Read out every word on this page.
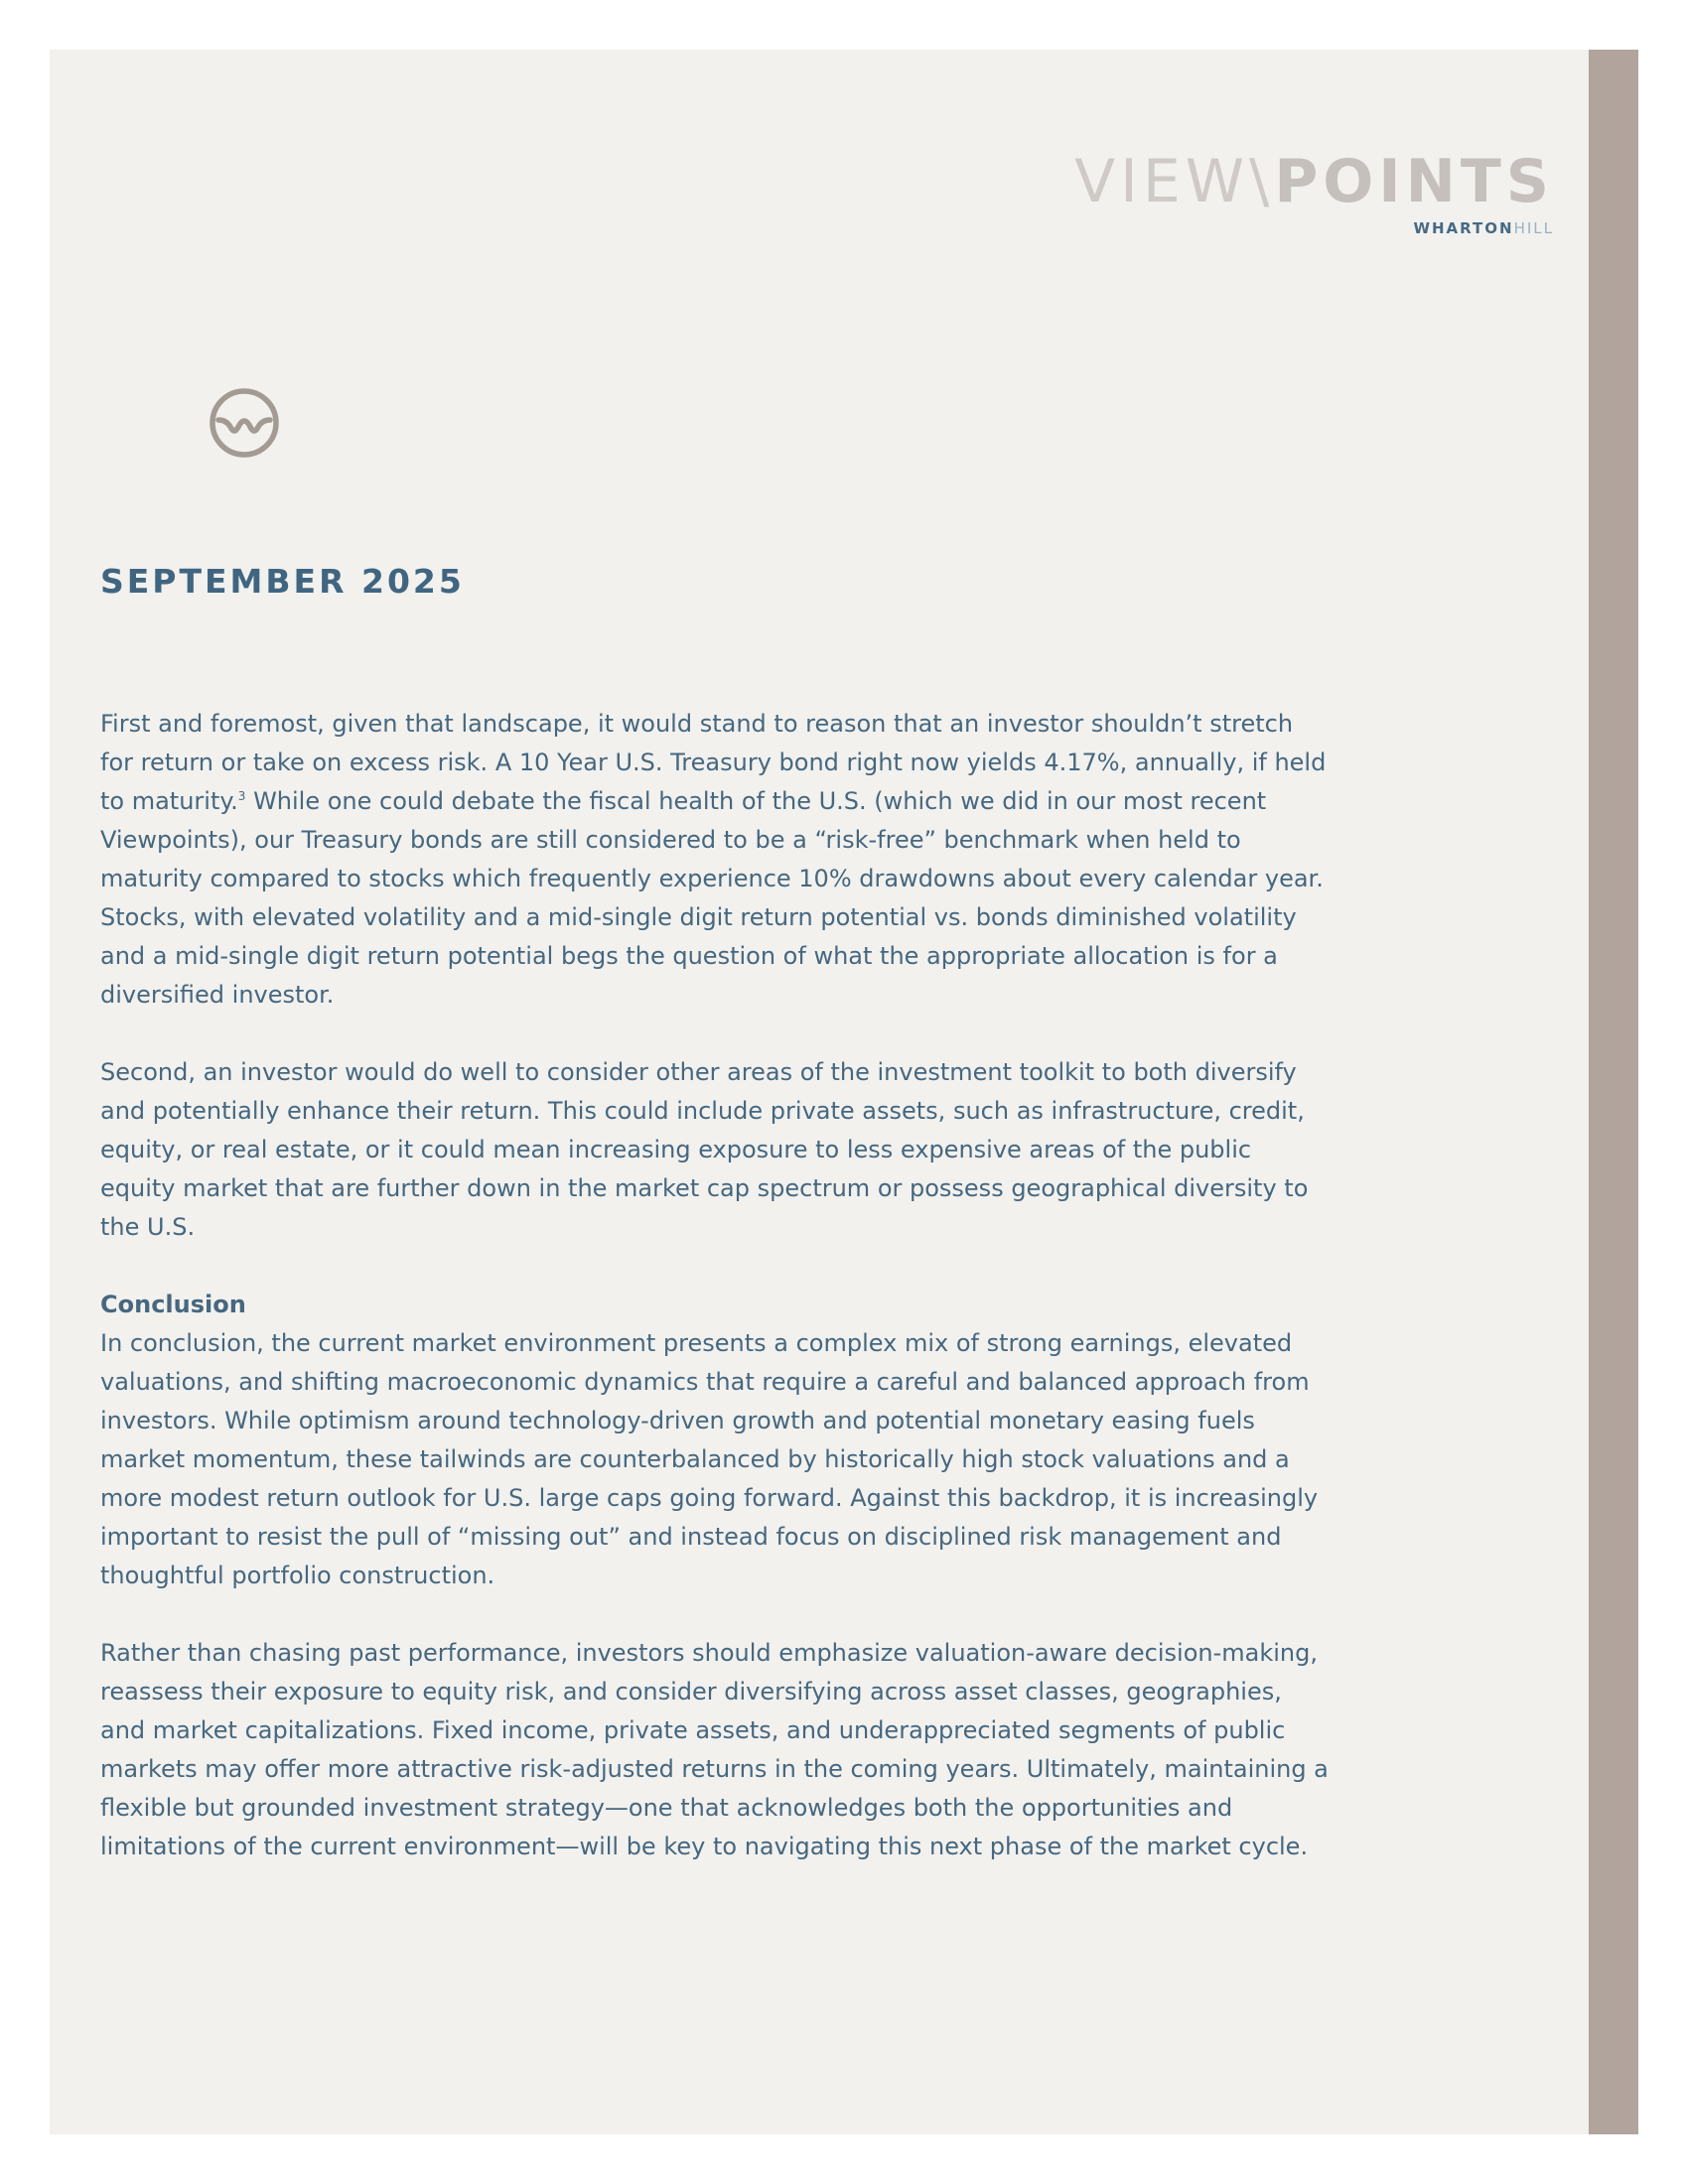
VIEW\POINTS
WHARTONHILL
SEPTEMBER 2025

First and foremost, given that landscape, it would stand to reason that an investor shouldn’t stretch for return or take on excess risk. A 10 Year U.S. Treasury bond right now yields 4.17%, annually, if held to maturity.$^3$ While one could debate the fiscal health of the U.S. (which we did in our most recent Viewpoints), our Treasury bonds are still considered to be a “risk-free” benchmark when held to maturity compared to stocks which frequently experience 10% drawdowns about every calendar year. Stocks, with elevated volatility and a mid-single digit return potential vs. bonds diminished volatility and a mid-single digit return potential begs the question of what the appropriate allocation is for a diversified investor.

Second, an investor would do well to consider other areas of the investment toolkit to both diversify and potentially enhance their return. This could include private assets, such as infrastructure, credit, equity, or real estate, or it could mean increasing exposure to less expensive areas of the public equity market that are further down in the market cap spectrum or possess geographical diversity to the U.S.

Conclusion

In conclusion, the current market environment presents a complex mix of strong earnings, elevated valuations, and shifting macroeconomic dynamics that require a careful and balanced approach from investors. While optimism around technology-driven growth and potential monetary easing fuels market momentum, these tailwinds are counterbalanced by historically high stock valuations and a more modest return outlook for U.S. large caps going forward. Against this backdrop, it is increasingly important to resist the pull of “missing out” and instead focus on disciplined risk management and thoughtful portfolio construction.

Rather than chasing past performance, investors should emphasize valuation-aware decision-making, reassess their exposure to equity risk, and consider diversifying across asset classes, geographies, and market capitalizations. Fixed income, private assets, and underappreciated segments of public markets may offer more attractive risk-adjusted returns in the coming years. Ultimately, maintaining a flexible but grounded investment strategy—one that acknowledges both the opportunities and limitations of the current environment—will be key to navigating this next phase of the market cycle.
